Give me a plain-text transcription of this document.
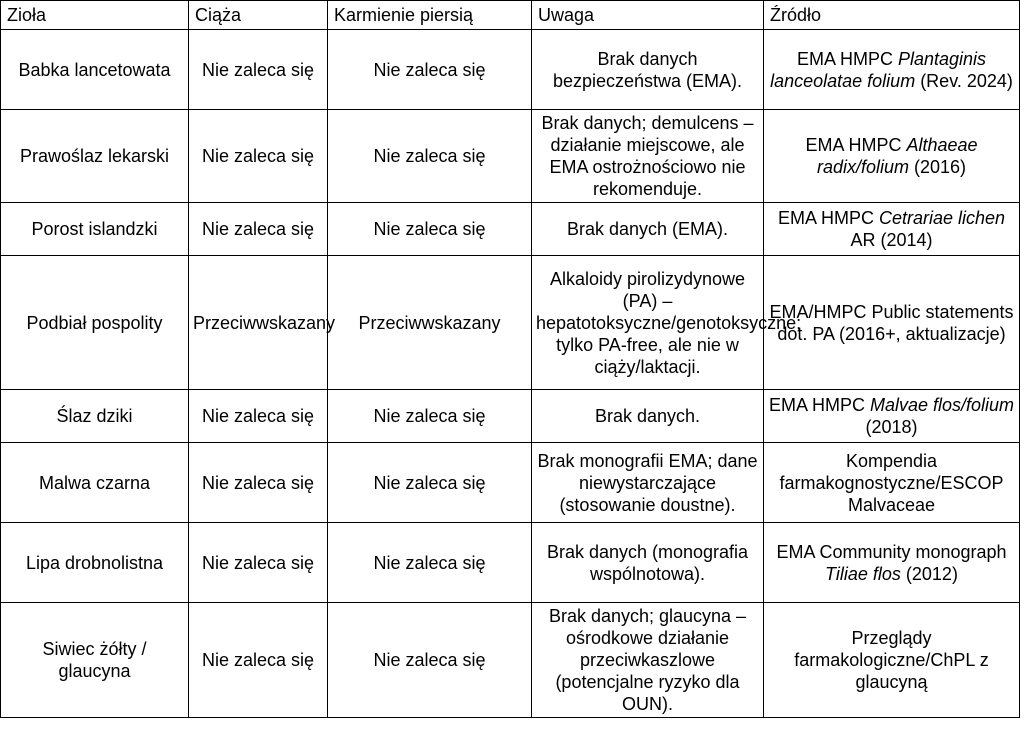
Zioła	Ciąża	Karmienie piersią	Uwaga	Źródło
Babka lancetowata	Nie zaleca się	Nie zaleca się	Brak danych bezpieczeństwa (EMA).	EMA HMPC Plantaginis lanceolatae folium (Rev. 2024)
Prawoślaz lekarski	Nie zaleca się	Nie zaleca się	Brak danych; demulcens – działanie miejscowe, ale EMA ostrożnościowo nie rekomenduje.	EMA HMPC Althaeae radix/folium (2016)
Porost islandzki	Nie zaleca się	Nie zaleca się	Brak danych (EMA).	EMA HMPC Cetrariae lichen AR (2014)
Podbiał pospolity	Przeciwwskazany	Przeciwwskazany	Alkaloidy pirolizydynowe (PA) – hepatotoksyczne/genotoksyczne; tylko PA-free, ale nie w ciąży/laktacji.	EMA/HMPC Public statements dot. PA (2016+, aktualizacje)
Ślaz dziki	Nie zaleca się	Nie zaleca się	Brak danych.	EMA HMPC Malvae flos/folium (2018)
Malwa czarna	Nie zaleca się	Nie zaleca się	Brak monografii EMA; dane niewystarczające (stosowanie doustne).	Kompendia farmakognostyczne/ESCOP Malvaceae
Lipa drobnolistna	Nie zaleca się	Nie zaleca się	Brak danych (monografia wspólnotowa).	EMA Community monograph Tiliae flos (2012)
Siwiec żółty / glaucyna	Nie zaleca się	Nie zaleca się	Brak danych; glaucyna – ośrodkowe działanie przeciwkaszlowe (potencjalne ryzyko dla OUN).	Przeglądy farmakologiczne/ChPL z glaucyną
